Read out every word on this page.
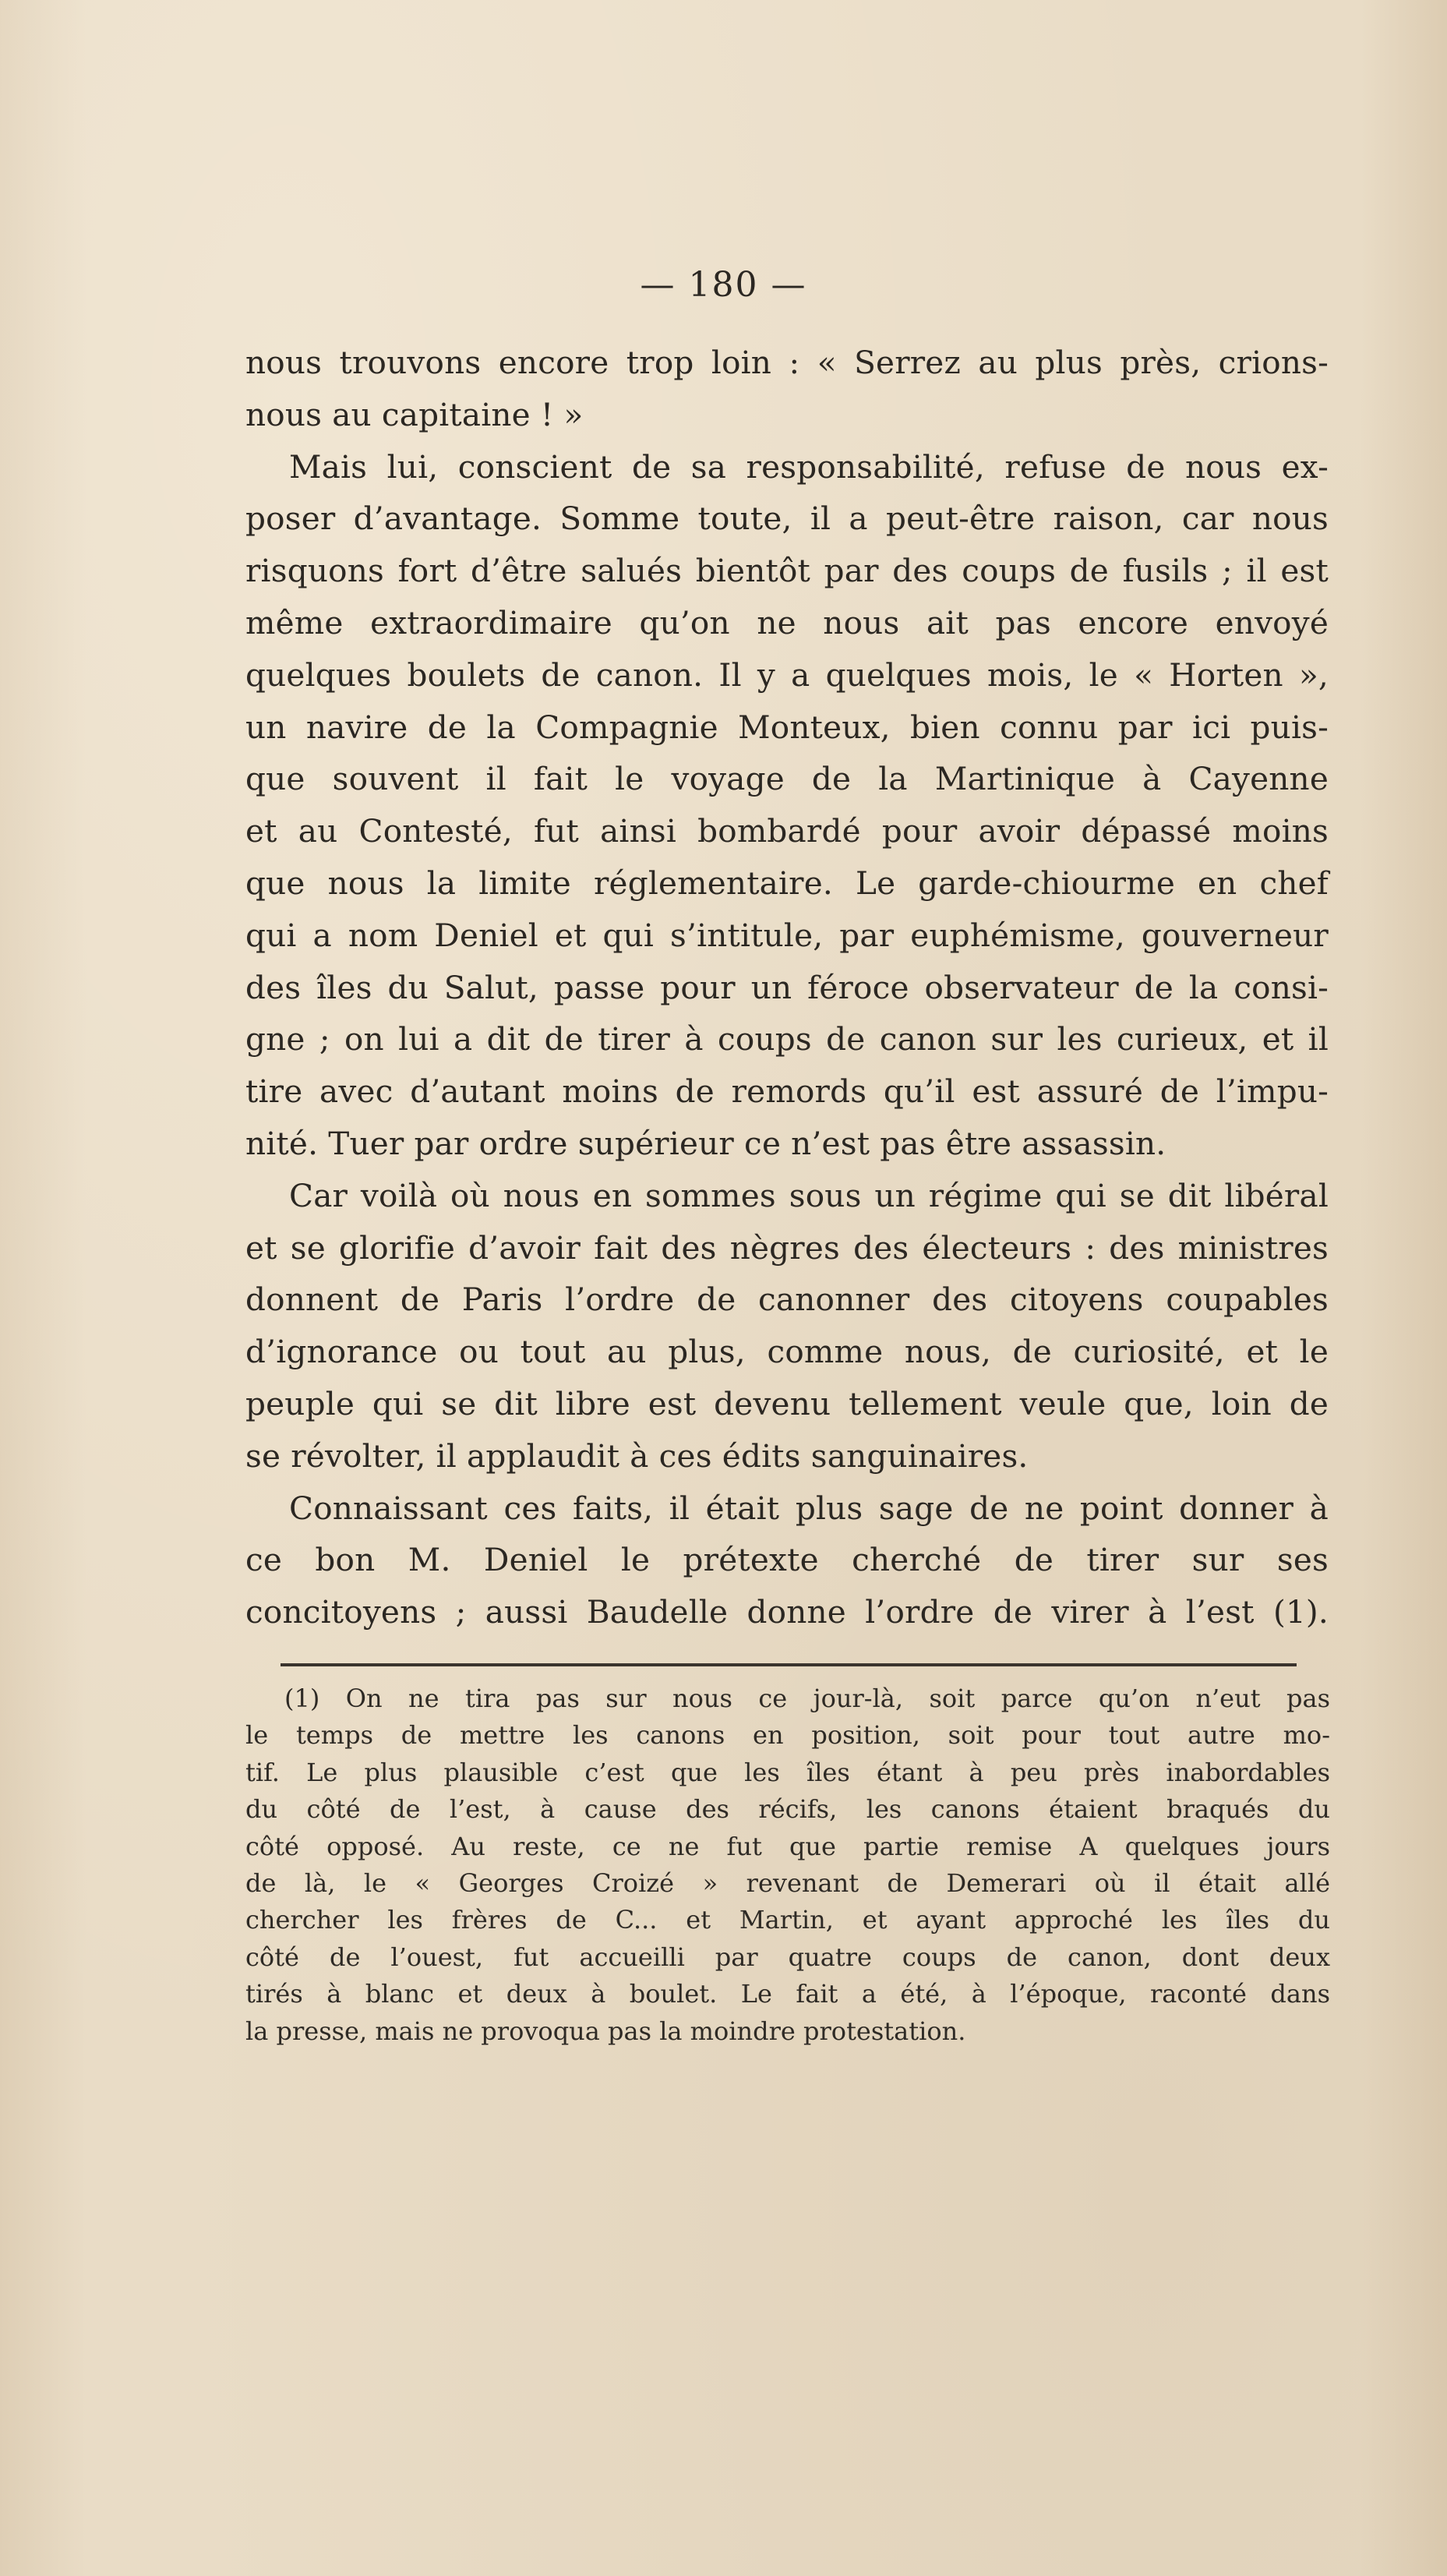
— 180 —
nous trouvons encore trop loin : « Serrez au plus près, crions-
nous au capitaine ! »
Mais lui, conscient de sa responsabilité, refuse de nous ex-
poser d’avantage. Somme toute, il a peut-être raison, car nous
risquons fort d’être salués bientôt par des coups de fusils ; il est
même extraordimaire qu’on ne nous ait pas encore envoyé
quelques boulets de canon. Il y a quelques mois, le « Horten »,
un navire de la Compagnie Monteux, bien connu par ici puis-
que souvent il fait le voyage de la Martinique à Cayenne
et au Contesté, fut ainsi bombardé pour avoir dépassé moins
que nous la limite réglementaire. Le garde-chiourme en chef
qui a nom Deniel et qui s’intitule, par euphémisme, gouverneur
des îles du Salut, passe pour un féroce observateur de la consi-
gne ; on lui a dit de tirer à coups de canon sur les curieux, et il
tire avec d’autant moins de remords qu’il est assuré de l’impu-
nité. Tuer par ordre supérieur ce n’est pas être assassin.
Car voilà où nous en sommes sous un régime qui se dit libéral
et se glorifie d’avoir fait des nègres des électeurs : des ministres
donnent de Paris l’ordre de canonner des citoyens coupables
d’ignorance ou tout au plus, comme nous, de curiosité, et le
peuple qui se dit libre est devenu tellement veule que, loin de
se révolter, il applaudit à ces édits sanguinaires.
Connaissant ces faits, il était plus sage de ne point donner à
ce bon M. Deniel le prétexte cherché de tirer sur ses
concitoyens ; aussi Baudelle donne l’ordre de virer à l’est (1).
(1) On ne tira pas sur nous ce jour-là, soit parce qu’on n’eut pas
le temps de mettre les canons en position, soit pour tout autre mo-
tif. Le plus plausible c’est que les îles étant à peu près inabordables
du côté de l’est, à cause des récifs, les canons étaient braqués du
côté opposé. Au reste, ce ne fut que partie remise A quelques jours
de là, le « Georges Croizé » revenant de Demerari où il était allé
chercher les frères de C... et Martin, et ayant approché les îles du
côté de l’ouest, fut accueilli par quatre coups de canon, dont deux
tirés à blanc et deux à boulet. Le fait a été, à l’époque, raconté dans
la presse, mais ne provoqua pas la moindre protestation.
